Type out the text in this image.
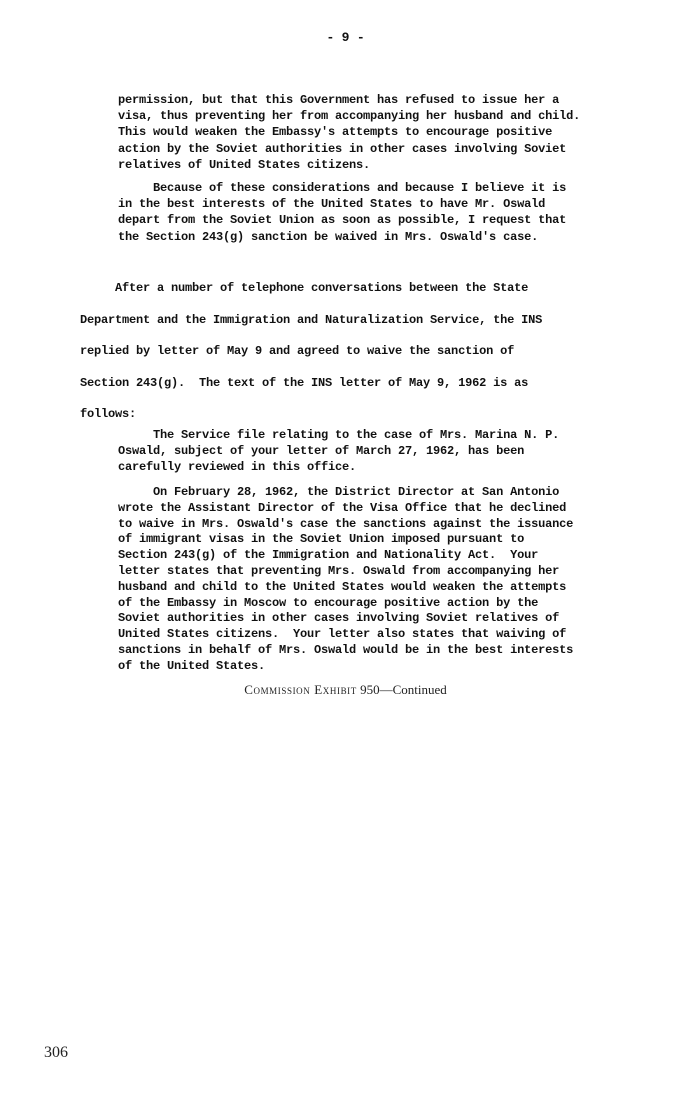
- 9 -
permission, but that this Government has refused to issue her a
visa, thus preventing her from accompanying her husband and child.
This would weaken the Embassy's attempts to encourage positive
action by the Soviet authorities in other cases involving Soviet
relatives of United States citizens.
Because of these considerations and because I believe it is
in the best interests of the United States to have Mr. Oswald
depart from the Soviet Union as soon as possible, I request that
the Section 243(g) sanction be waived in Mrs. Oswald's case.
After a number of telephone conversations between the State
Department and the Immigration and Naturalization Service, the INS
replied by letter of May 9 and agreed to waive the sanction of
Section 243(g).  The text of the INS letter of May 9, 1962 is as
follows:
The Service file relating to the case of Mrs. Marina N. P.
Oswald, subject of your letter of March 27, 1962, has been
carefully reviewed in this office.
On February 28, 1962, the District Director at San Antonio
wrote the Assistant Director of the Visa Office that he declined
to waive in Mrs. Oswald's case the sanctions against the issuance
of immigrant visas in the Soviet Union imposed pursuant to
Section 243(g) of the Immigration and Nationality Act.  Your
letter states that preventing Mrs. Oswald from accompanying her
husband and child to the United States would weaken the attempts
of the Embassy in Moscow to encourage positive action by the
Soviet authorities in other cases involving Soviet relatives of
United States citizens.  Your letter also states that waiving of
sanctions in behalf of Mrs. Oswald would be in the best interests
of the United States.
Commission Exhibit 950—Continued
306
